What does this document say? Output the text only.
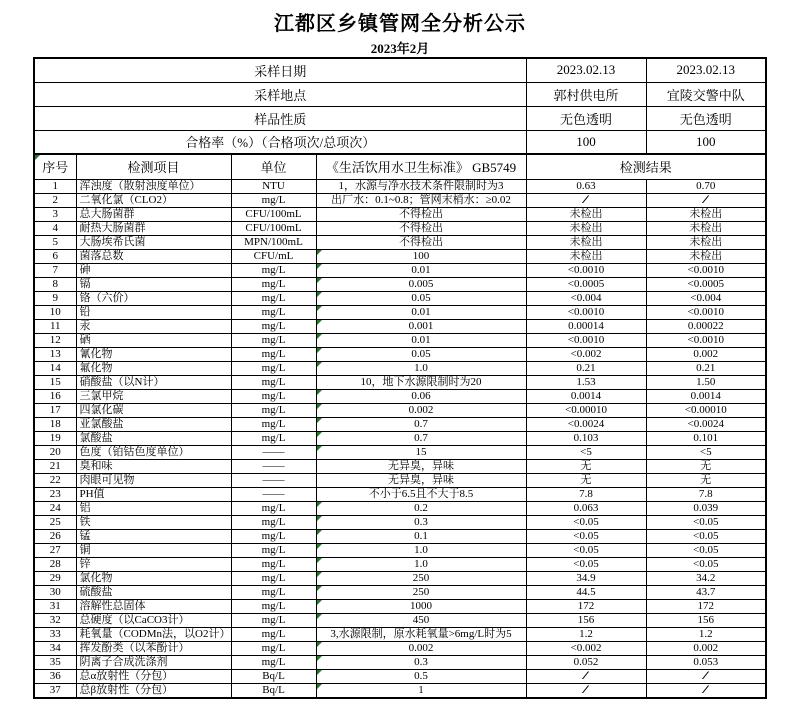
江都区乡镇管网全分析公示
2023年2月
采样日期				2023.02.13	2023.02.13
采样地点				郭村供电所	宜陵交警中队
样品性质				无色透明	无色透明
合格率（%）（合格项次/总项次）				100	100

序号	检测项目	单位	《生活饮用水卫生标准》 GB5749	检测结果	
1	浑浊度（散射浊度单位）	NTU	1，水源与净水技术条件限制时为3	0.63	0.70
2	二氧化氯（CLO2）	mg/L	出厂水：0.1~0.8；管网末梢水：≥0.02	/	/
3	总大肠菌群	CFU/100mL	不得检出	未检出	未检出
4	耐热大肠菌群	CFU/100mL	不得检出	未检出	未检出
5	大肠埃希氏菌	MPN/100mL	不得检出	未检出	未检出
6	菌落总数	CFU/mL	100	未检出	未检出
7	砷	mg/L	0.01	<0.0010	<0.0010
8	镉	mg/L	0.005	<0.0005	<0.0005
9	铬（六价）	mg/L	0.05	<0.004	<0.004
10	铅	mg/L	0.01	<0.0010	<0.0010
11	汞	mg/L	0.001	0.00014	0.00022
12	硒	mg/L	0.01	<0.0010	<0.0010
13	氰化物	mg/L	0.05	<0.002	0.002
14	氟化物	mg/L	1.0	0.21	0.21
15	硝酸盐（以N计）	mg/L	10，地下水源限制时为20	1.53	1.50
16	三氯甲烷	mg/L	0.06	0.0014	0.0014
17	四氯化碳	mg/L	0.002	<0.00010	<0.00010
18	亚氯酸盐	mg/L	0.7	<0.0024	<0.0024
19	氯酸盐	mg/L	0.7	0.103	0.101
20	色度（铂钴色度单位）	——	15	<5	<5
21	臭和味	——	无异臭，异味	无	无
22	肉眼可见物	——	无异臭，异味	无	无
23	PH值	——	不小于6.5且不大于8.5	7.8	7.8
24	铝	mg/L	0.2	0.063	0.039
25	铁	mg/L	0.3	<0.05	<0.05
26	锰	mg/L	0.1	<0.05	<0.05
27	铜	mg/L	1.0	<0.05	<0.05
28	锌	mg/L	1.0	<0.05	<0.05
29	氯化物	mg/L	250	34.9	34.2
30	硫酸盐	mg/L	250	44.5	43.7
31	溶解性总固体	mg/L	1000	172	172
32	总硬度（以CaCO3计）	mg/L	450	156	156
33	耗氧量（CODMn法，以O2计）	mg/L	3,水源限制，原水耗氧量>6mg/L时为5	1.2	1.2
34	挥发酚类（以苯酚计）	mg/L	0.002	<0.002	0.002
35	阴离子合成洗涤剂	mg/L	0.3	0.052	0.053
36	总α放射性（分包）	Bq/L	0.5	/	/
37	总β放射性（分包）	Bq/L	1	/	/
